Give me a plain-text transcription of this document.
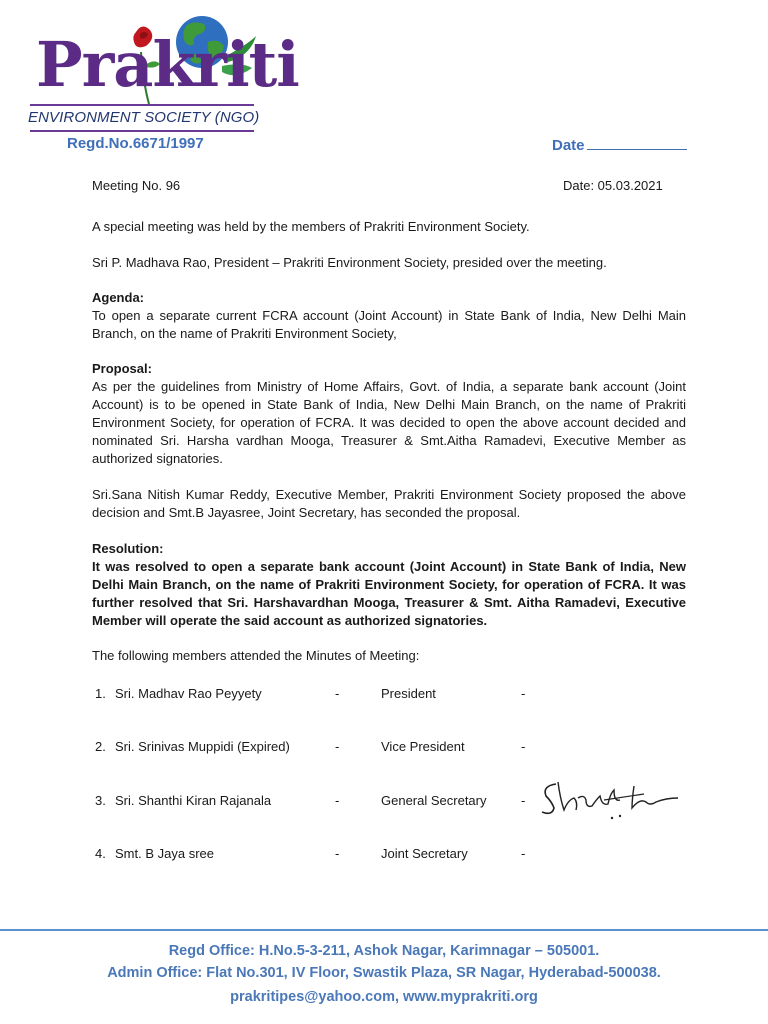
Prakriti
ENVIRONMENT SOCIETY (NGO)
Regd.No.6671/1997	Date
Meeting No. 96	Date: 05.03.2021
A special meeting was held by the members of Prakriti Environment Society.
Sri P. Madhava Rao, President – Prakriti Environment Society, presided over the meeting.
Agenda:
To open a separate current FCRA account (Joint Account) in State Bank of India, New Delhi Main Branch, on the name of Prakriti Environment Society,
Proposal:
As per the guidelines from Ministry of Home Affairs, Govt. of India, a separate bank account (Joint Account) is to be opened in State Bank of India, New Delhi Main Branch, on the name of Prakriti Environment Society, for operation of FCRA. It was decided to open the above account decided and nominated Sri. Harsha vardhan Mooga, Treasurer & Smt.Aitha Ramadevi, Executive Member as authorized signatories.
Sri.Sana Nitish Kumar Reddy, Executive Member, Prakriti Environment Society proposed the above decision and Smt.B Jayasree, Joint Secretary, has seconded the proposal.
Resolution:
It was resolved to open a separate bank account (Joint Account) in State Bank of India, New Delhi Main Branch, on the name of Prakriti Environment Society, for operation of FCRA. It was further resolved that Sri. Harshavardhan Mooga, Treasurer & Smt. Aitha Ramadevi, Executive Member will operate the said account as authorized signatories.
The following members attended the Minutes of Meeting:
1. Sri. Madhav Rao Peyyety	-	President	-
2. Sri. Srinivas Muppidi (Expired)	-	Vice President	-
3. Sri. Shanthi Kiran Rajanala	-	General Secretary	-
4. Smt. B Jaya sree	-	Joint Secretary	-
Regd Office: H.No.5-3-211, Ashok Nagar, Karimnagar – 505001.
Admin Office: Flat No.301, IV Floor, Swastik Plaza, SR Nagar, Hyderabad-500038.
prakritipes@yahoo.com, www.myprakriti.org
